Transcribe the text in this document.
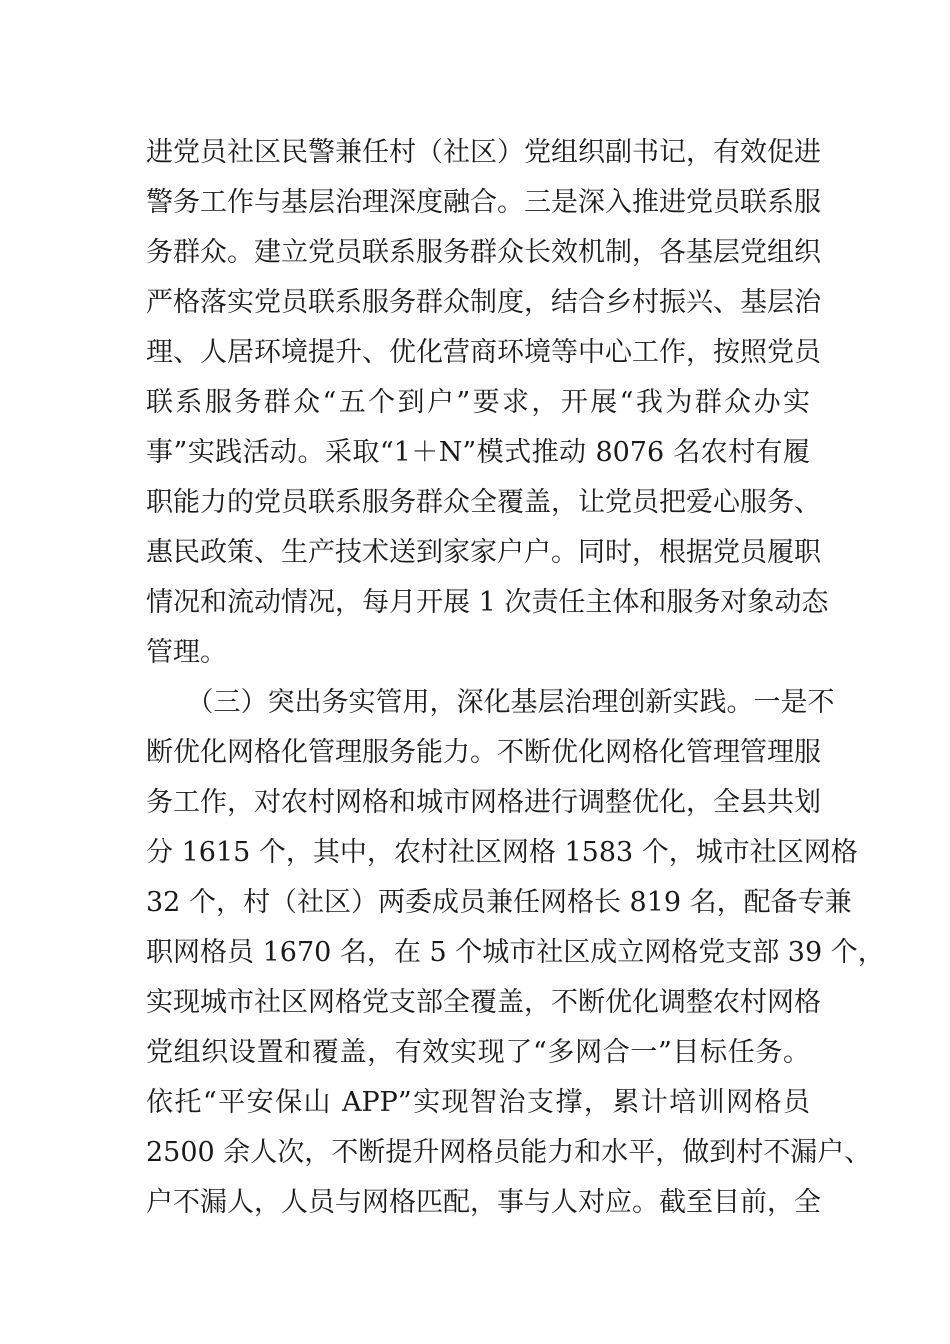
进党员社区民警兼任村（社区）党组织副书记，有效促进
警务工作与基层治理深度融合。三是深入推进党员联系服
务群众。建立党员联系服务群众长效机制，各基层党组织
严格落实党员联系服务群众制度，结合乡村振兴、基层治
理、人居环境提升、优化营商环境等中心工作，按照党员
联系服务群众“五个到户”要求，开展“我为群众办实
事”实践活动。采取“1＋N”模式推动 8076 名农村有履
职能力的党员联系服务群众全覆盖，让党员把爱心服务、
惠民政策、生产技术送到家家户户。同时，根据党员履职
情况和流动情况，每月开展 1 次责任主体和服务对象动态
管理。
　　（三）突出务实管用，深化基层治理创新实践。一是不
断优化网格化管理服务能力。不断优化网格化管理管理服
务工作，对农村网格和城市网格进行调整优化，全县共划
分 1615 个，其中，农村社区网格 1583 个，城市社区网格
32 个，村（社区）两委成员兼任网格长 819 名，配备专兼
职网格员 1670 名，在 5 个城市社区成立网格党支部 39 个，
实现城市社区网格党支部全覆盖，不断优化调整农村网格
党组织设置和覆盖，有效实现了“多网合一”目标任务。
依托“平安保山 APP”实现智治支撑，累计培训网格员
2500 余人次，不断提升网格员能力和水平，做到村不漏户、
户不漏人，人员与网格匹配，事与人对应。截至目前，全
